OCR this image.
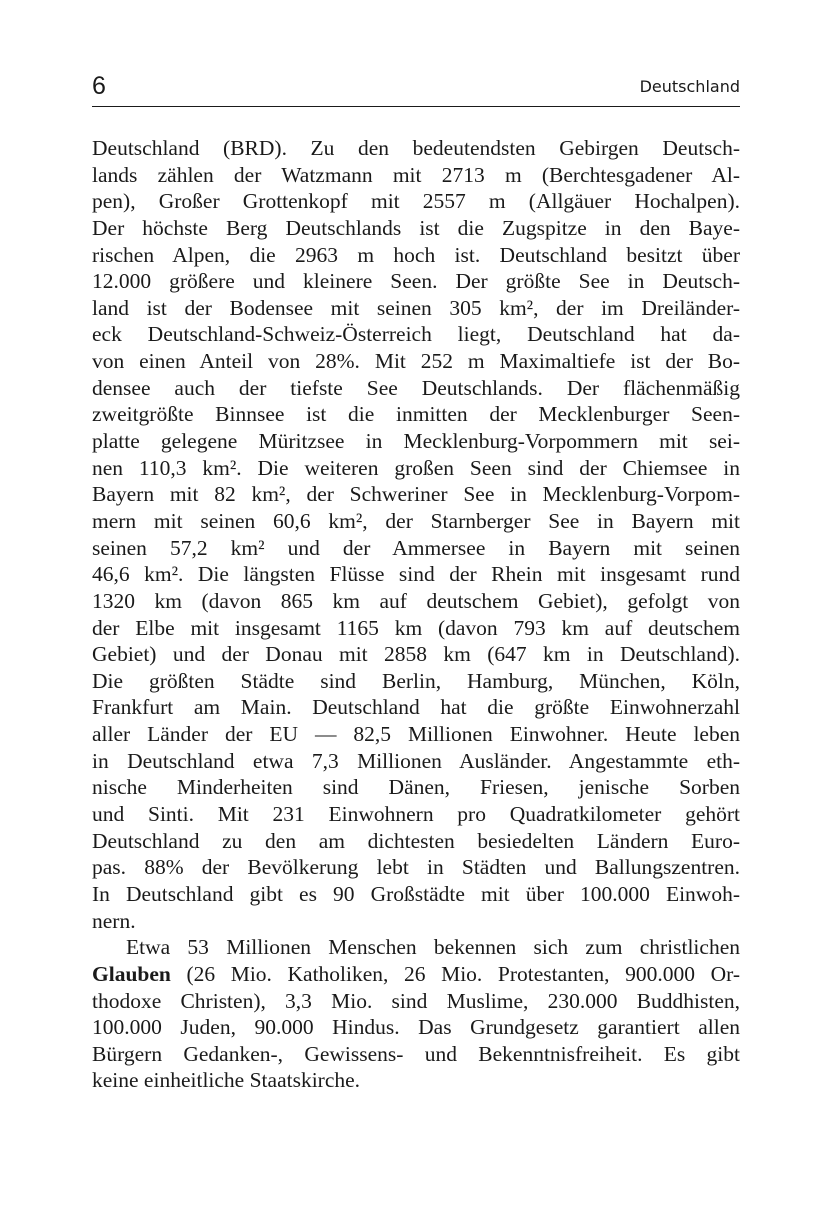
6	Deutschland
Deutschland (BRD). Zu den bedeutendsten Gebirgen Deutsch-
lands zählen der Watzmann mit 2713 m (Berchtesgadener Al-
pen), Großer Grottenkopf mit 2557 m (Allgäuer Hochalpen).
Der höchste Berg Deutschlands ist die Zugspitze in den Baye-
rischen Alpen, die 2963 m hoch ist. Deutschland besitzt über
12.000 größere und kleinere Seen. Der größte See in Deutsch-
land ist der Bodensee mit seinen 305 km², der im Dreiländer-
eck Deutschland-Schweiz-Österreich liegt, Deutschland hat da-
von einen Anteil von 28%. Mit 252 m Maximaltiefe ist der Bo-
densee auch der tiefste See Deutschlands. Der flächenmäßig
zweitgrößte Binnsee ist die inmitten der Mecklenburger Seen-
platte gelegene Müritzsee in Mecklenburg-Vorpommern mit sei-
nen 110,3 km². Die weiteren großen Seen sind der Chiemsee in
Bayern mit 82 km², der Schweriner See in Mecklenburg-Vorpom-
mern mit seinen 60,6 km², der Starnberger See in Bayern mit
seinen 57,2 km² und der Ammersee in Bayern mit seinen
46,6 km². Die längsten Flüsse sind der Rhein mit insgesamt rund
1320 km (davon 865 km auf deutschem Gebiet), gefolgt von
der Elbe mit insgesamt 1165 km (davon 793 km auf deutschem
Gebiet) und der Donau mit 2858 km (647 km in Deutschland).
Die größten Städte sind Berlin, Hamburg, München, Köln,
Frankfurt am Main. Deutschland hat die größte Einwohnerzahl
aller Länder der EU — 82,5 Millionen Einwohner. Heute leben
in Deutschland etwa 7,3 Millionen Ausländer. Angestammte eth-
nische Minderheiten sind Dänen, Friesen, jenische Sorben
und Sinti. Mit 231 Einwohnern pro Quadratkilometer gehört
Deutschland zu den am dichtesten besiedelten Ländern Euro-
pas. 88% der Bevölkerung lebt in Städten und Ballungszentren.
In Deutschland gibt es 90 Großstädte mit über 100.000 Einwoh-
nern.
Etwa 53 Millionen Menschen bekennen sich zum christlichen
Glauben (26 Mio. Katholiken, 26 Mio. Protestanten, 900.000 Or-
thodoxe Christen), 3,3 Mio. sind Muslime, 230.000 Buddhisten,
100.000 Juden, 90.000 Hindus. Das Grundgesetz garantiert allen
Bürgern Gedanken-, Gewissens- und Bekenntnisfreiheit. Es gibt
keine einheitliche Staatskirche.
